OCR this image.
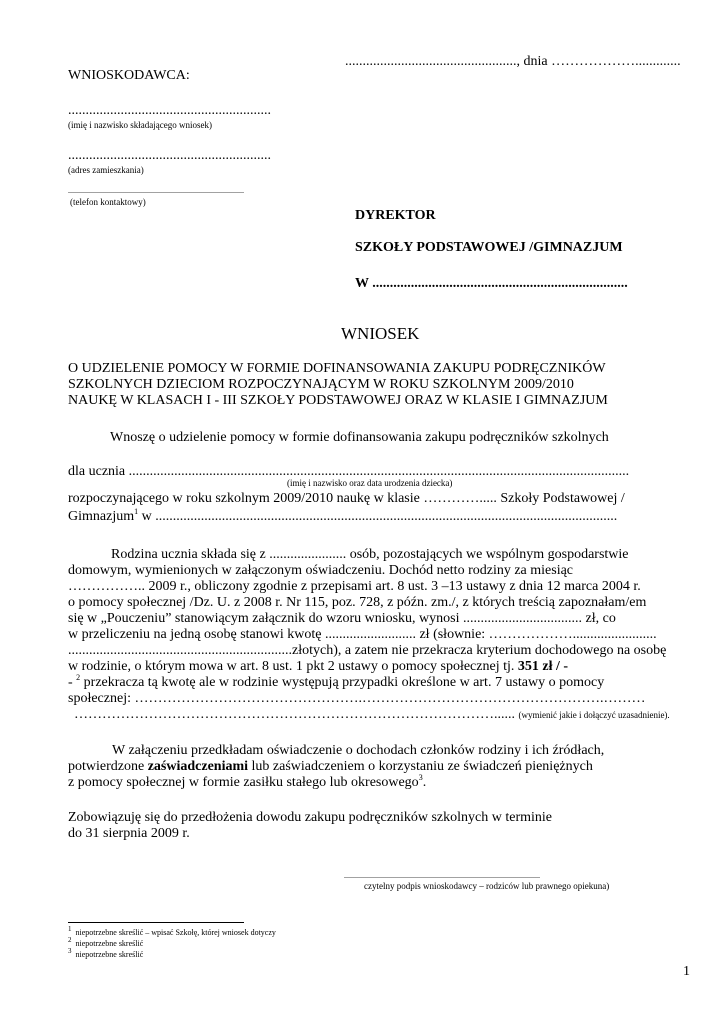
................................................., dnia ……………….............
WNIOSKODAWCA:
..........................................................
(imię i nazwisko składającego wniosek)
..........................................................
(adres zamieszkania)
........................................................................................
(telefon kontaktowy)
DYREKTOR
SZKOŁY PODSTAWOWEJ /GIMNAZJUM
W .........................................................................
WNIOSEK
O UDZIELENIE POMOCY W FORMIE DOFINANSOWANIA ZAKUPU PODRĘCZNIKÓW
SZKOLNYCH DZIECIOM ROZPOCZYNAJĄCYM W ROKU SZKOLNYM 2009/2010
NAUKĘ W KLASACH I - III SZKOŁY PODSTAWOWEJ ORAZ W KLASIE I GIMNAZJUM
Wnoszę o udzielenie pomocy w formie dofinansowania zakupu podręczników szkolnych
dla ucznia ...............................................................................................................................................
(imię i nazwisko oraz data urodzenia dziecka)
rozpoczynającego w roku szkolnym 2009/2010 naukę w klasie …………..... Szkoły Podstawowej /
Gimnazjum$^1$ w ....................................................................................................................................
Rodzina ucznia składa się z ...................... osób, pozostających we wspólnym gospodarstwie
domowym, wymienionych w załączonym oświadczeniu. Dochód netto rodziny za miesiąc
…………….. 2009 r., obliczony zgodnie z przepisami art. 8 ust. 3 –13 ustawy z dnia 12 marca 2004 r.
o pomocy społecznej /Dz. U. z 2008 r. Nr 115, poz. 728, z późn. zm./, z których treścią zapoznałam/em
się w „Pouczeniu” stanowiącym załącznik do wzoru wniosku, wynosi .................................. zł, co
w przeliczeniu na jedną osobę stanowi kwotę .......................... zł (słownie: ………………........................
................................................................złotych), a zatem nie przekracza kryterium dochodowego na osobę
w rodzinie, o którym mowa w art. 8 ust. 1 pkt 2 ustawy o pomocy społecznej tj. 351 zł / -
- $^2$ przekracza tą kwotę ale w rodzinie występują przypadki określone w art. 7 ustawy o pomocy
społecznej: ………………………………………….…………………………………………….………
………………………………………………………………………………...... (wymienić jakie i dołączyć uzasadnienie).
W załączeniu przedkładam oświadczenie o dochodach członków rodziny i ich źródłach,
potwierdzone zaświadczeniami lub zaświadczeniem o korzystaniu ze świadczeń pieniężnych
z pomocy społecznej w formie zasiłku stałego lub okresowego$^3$.
Zobowiązuję się do przedłożenia dowodu zakupu podręczników szkolnych w terminie
do 31 sierpnia 2009 r.
..................................................................................................
czytelny podpis wnioskodawcy – rodziców lub prawnego opiekuna)
1 niepotrzebne skreślić – wpisać Szkołę, której wniosek dotyczy
2 niepotrzebne skreślić
3 niepotrzebne skreślić
1
